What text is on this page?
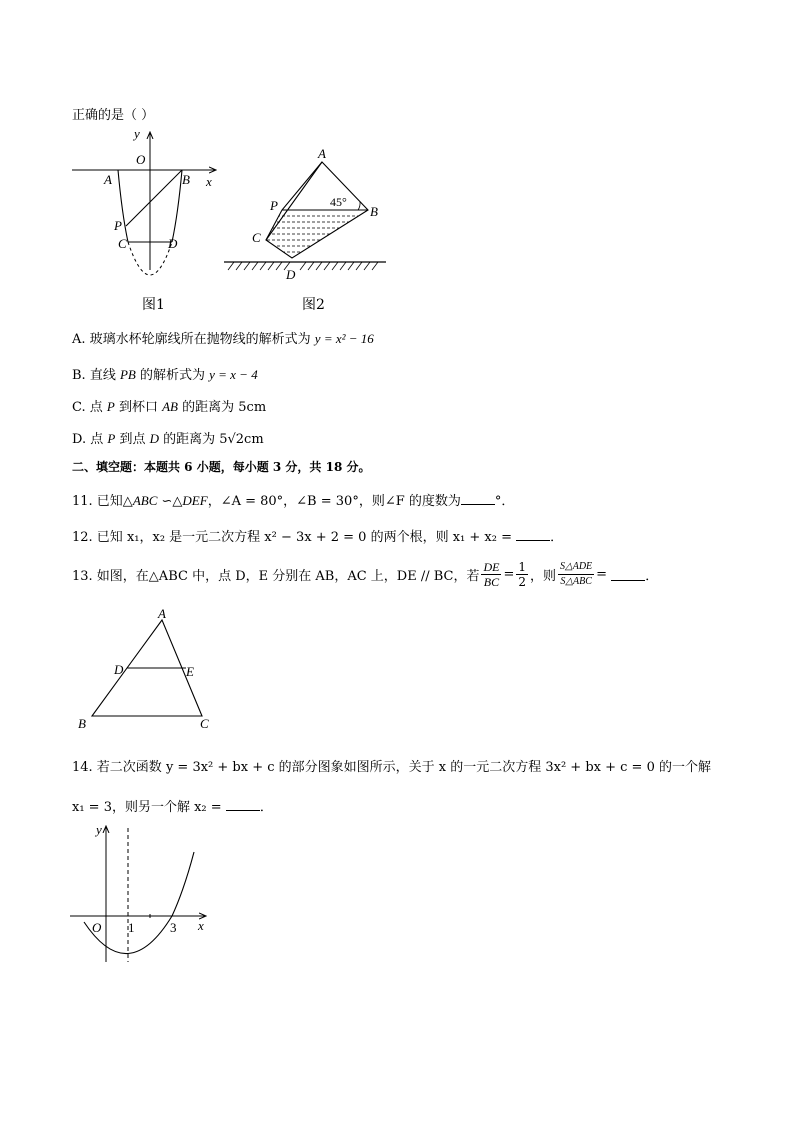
正确的是（ ）
y
O
x
A	B
P
C	D
图1
A
B
P
C
D
45°
图2
A. 玻璃水杯轮廓线所在抛物线的解析式为 y = x² − 16
B. 直线 PB 的解析式为 y = x − 4
C. 点 P 到杯口 AB 的距离为 5cm
D. 点 P 到点 D 的距离为 5√2cm
二、填空题：本题共 6 小题，每小题 3 分，共 18 分。
11. 已知△ABC ∽△DEF，∠A = 80°，∠B = 30°，则∠F 的度数为	°．
12. 已知 x₁，x₂ 是一元二次方程 x² − 3x + 2 = 0 的两个根，则 x₁ + x₂ =	．
13. 如图，在△ABC 中，点 D，E 分别在 AB，AC 上，DE // BC，若 $\frac{DE}{BC} = \frac{1}{2}$ ，则 $\frac{\text{S△ADE}}{\text{S△ABC}}$ =
	．
A
D	E
B	C
14. 若二次函数 y = 3x² + bx + c 的部分图象如图所示，关于 x 的一元二次方程 3x² + bx + c = 0 的一个解
x₁ = 3，则另一个解 x₂ =	．
y
O 1	3 x
